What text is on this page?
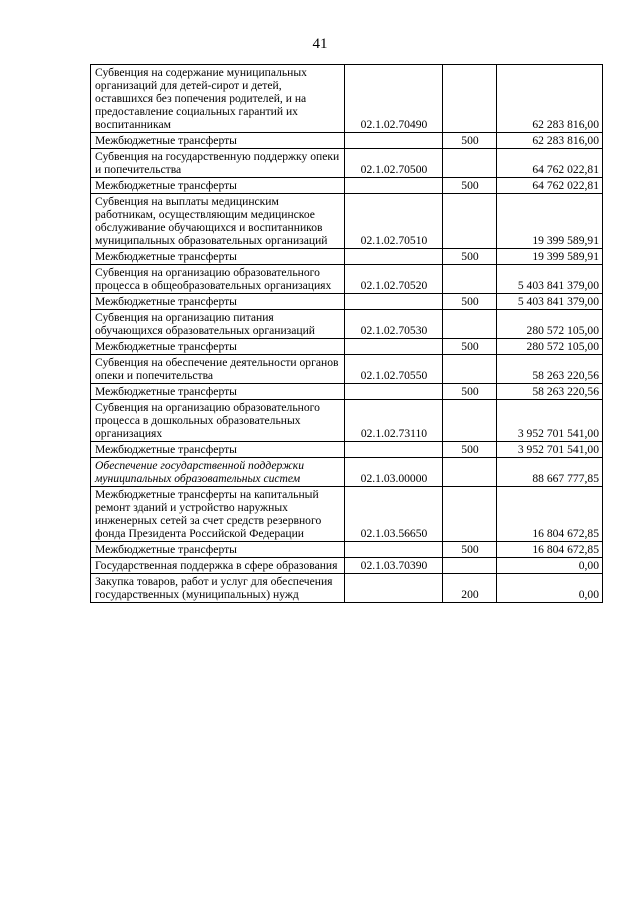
41
Субвенция на содержание муниципальных организаций для детей-сирот и детей, оставшихся без попечения родителей, и на предоставление социальных гарантий их воспитанникам	02.1.02.70490		62 283 816,00
Межбюджетные трансферты		500	62 283 816,00
Субвенция на государственную поддержку опеки и попечительства	02.1.02.70500		64 762 022,81
Межбюджетные трансферты		500	64 762 022,81
Субвенция на выплаты медицинским работникам, осуществляющим медицинское обслуживание обучающихся и воспитанников муниципальных образовательных организаций	02.1.02.70510		19 399 589,91
Межбюджетные трансферты		500	19 399 589,91
Субвенция на организацию образовательного процесса в общеобразовательных организациях	02.1.02.70520		5 403 841 379,00
Межбюджетные трансферты		500	5 403 841 379,00
Субвенция на организацию питания обучающихся образовательных организаций	02.1.02.70530		280 572 105,00
Межбюджетные трансферты		500	280 572 105,00
Субвенция на обеспечение деятельности органов опеки и попечительства	02.1.02.70550		58 263 220,56
Межбюджетные трансферты		500	58 263 220,56
Субвенция на организацию образовательного процесса в дошкольных образовательных организациях	02.1.02.73110		3 952 701 541,00
Межбюджетные трансферты		500	3 952 701 541,00
Обеспечение государственной поддержки муниципальных образовательных систем	02.1.03.00000		88 667 777,85
Межбюджетные трансферты на капитальный ремонт зданий и устройство наружных инженерных сетей за счет средств резервного фонда Президента Российской Федерации	02.1.03.56650		16 804 672,85
Межбюджетные трансферты		500	16 804 672,85
Государственная поддержка в сфере образования	02.1.03.70390		0,00
Закупка товаров, работ и услуг для обеспечения государственных (муниципальных) нужд		200	0,00
